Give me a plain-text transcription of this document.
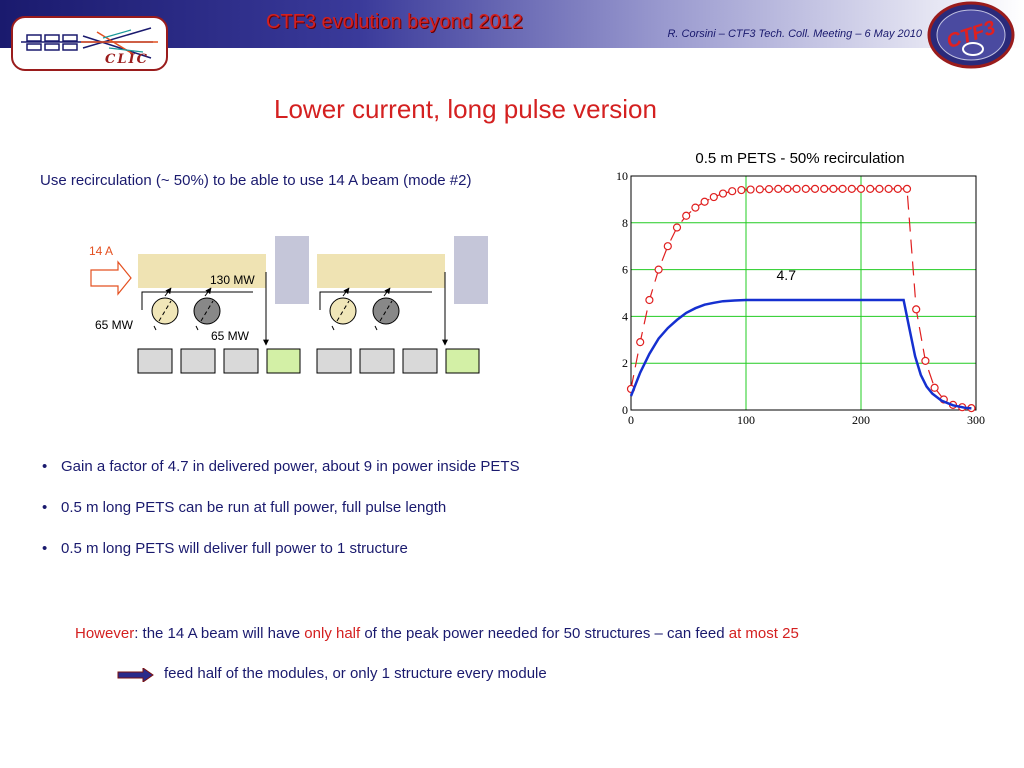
CLIC
CTF3 evolution beyond 2012
R. Corsini – CTF3 Tech. Coll. Meeting – 6 May 2010 CTF3
Lower current, long pulse version
Use recirculation (~ 50%) to be able to use 14 A beam (mode #2)
14 A
130 MW
65 MW
65 MW
0.5 m PETS - 50% recirculation
0	100	200	300
0
2
4
6
8
10
4.7
• Gain a factor of 4.7 in delivered power, about 9 in power inside PETS
• 0.5 m long PETS can be run at full power, full pulse length
• 0.5 m long PETS will deliver full power to 1 structure
However: the 14 A beam will have only half of the peak power needed for 50 structures – can feed at most 25
feed half of the modules, or only 1 structure every module
